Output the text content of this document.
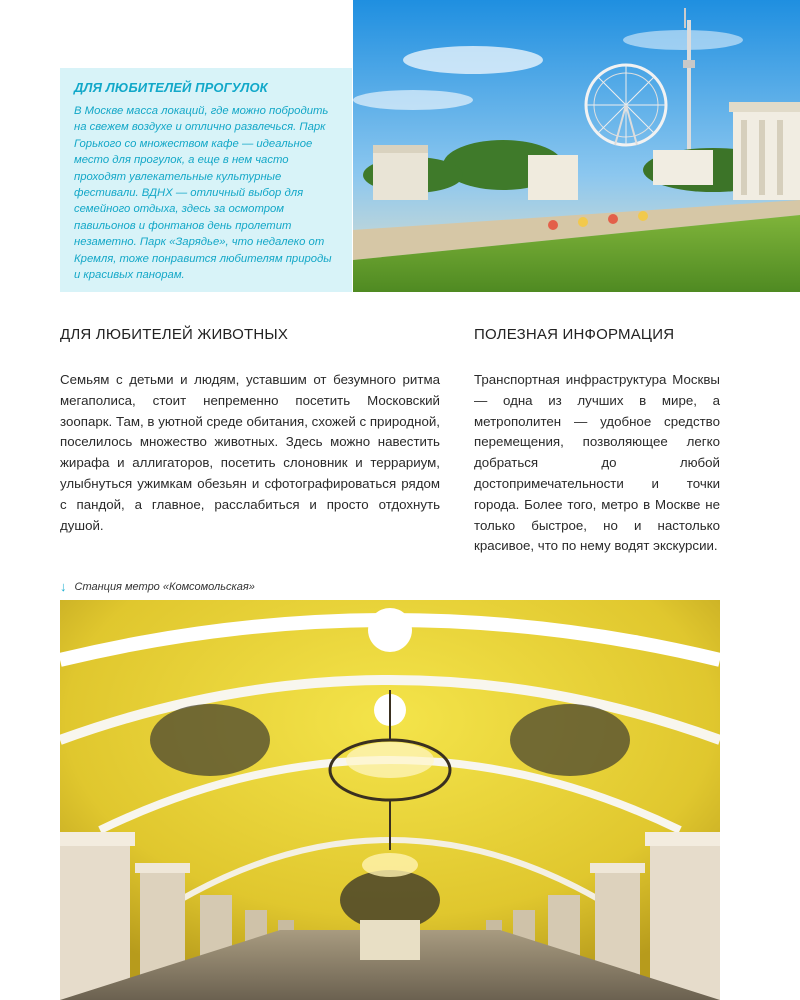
ДЛЯ ЛЮБИТЕЛЕЙ ПРОГУЛОК

В Москве масса локаций, где можно побродить на свежем воздухе и отлично развлечься. Парк Горького со множеством кафе — идеальное место для прогулок, а еще в нем часто проходят увлекательные культурные фестивали. ВДНХ — отличный выбор для семейного отдыха, здесь за осмотром павильонов и фонтанов день пролетит незаметно. Парк «Зарядье», что недалеко от Кремля, тоже понравится любителям природы и красивых панорам.

ДЛЯ ЛЮБИТЕЛЕЙ ЖИВОТНЫХ

Семьям с детьми и людям, уставшим от безумного ритма мегаполиса, стоит непременно посетить Московский зоопарк. Там, в уютной среде обитания, схожей с природной, поселилось множество животных. Здесь можно навестить жирафа и аллигаторов, посетить слоновник и террариум, улыбнуться ужимкам обезьян и сфотографироваться рядом с пандой, а главное, расслабиться и просто отдохнуть душой.

ПОЛЕЗНАЯ ИНФОРМАЦИЯ

Транспортная инфраструктура Москвы — одна из лучших в мире, а метрополитен — удобное средство перемещения, позволяющее легко добраться до любой достопримечательности и точки города. Более того, метро в Москве не только быстрое, но и настолько красивое, что по нему водят экскурсии.

↓ Станция метро «Комсомольская»
